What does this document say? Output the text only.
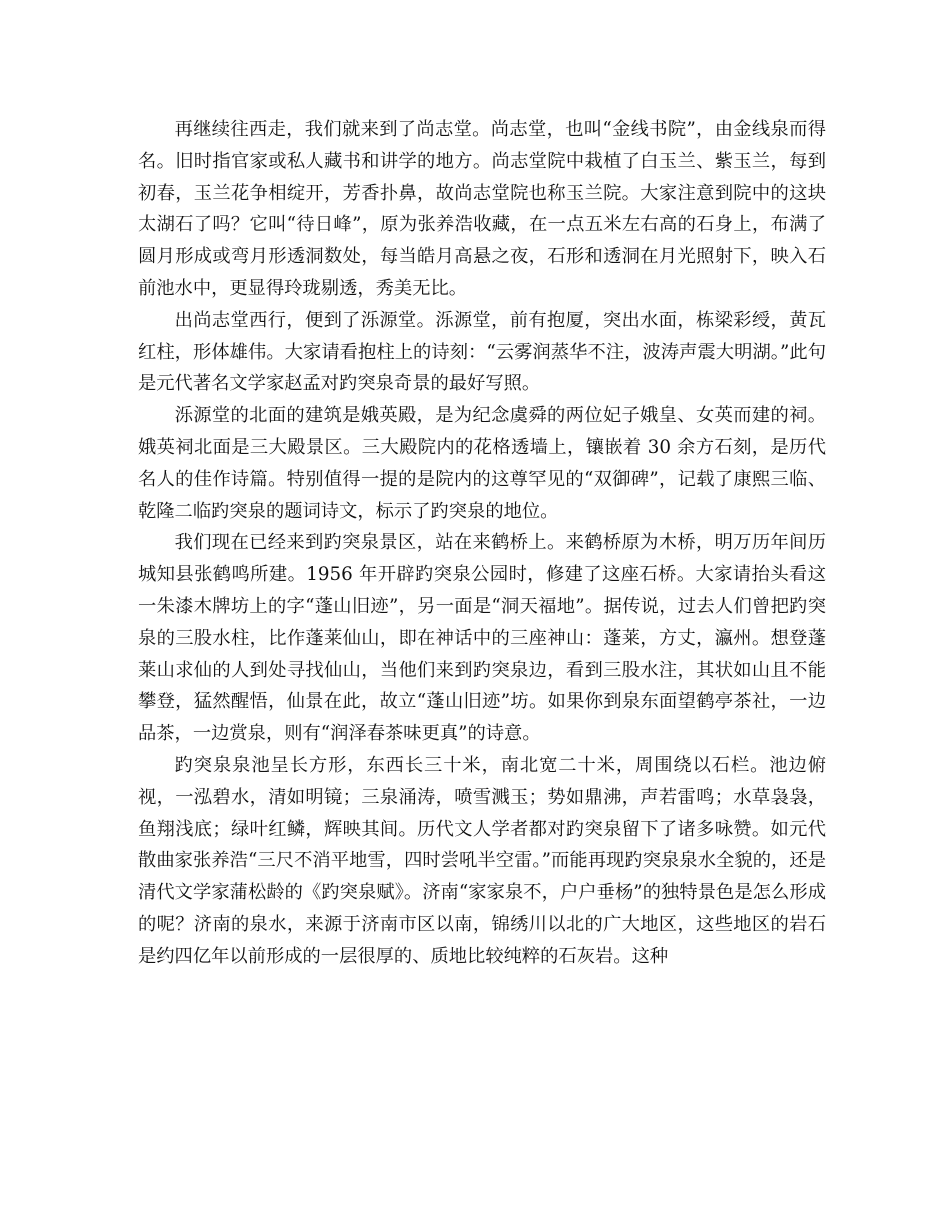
再继续往西走，我们就来到了尚志堂。尚志堂，也叫“金线书院”，由金线泉而得名。旧时指官家或私人藏书和讲学的地方。尚志堂院中栽植了白玉兰、紫玉兰，每到初春，玉兰花争相绽开，芳香扑鼻，故尚志堂院也称玉兰院。大家注意到院中的这块太湖石了吗？它叫“待日峰”，原为张养浩收藏，在一点五米左右高的石身上，布满了圆月形成或弯月形透洞数处，每当皓月高悬之夜，石形和透洞在月光照射下，映入石前池水中，更显得玲珑剔透，秀美无比。

出尚志堂西行，便到了泺源堂。泺源堂，前有抱厦，突出水面，栋梁彩绶，黄瓦红柱，形体雄伟。大家请看抱柱上的诗刻：“云雾润蒸华不注，波涛声震大明湖。”此句是元代著名文学家赵孟对趵突泉奇景的最好写照。

泺源堂的北面的建筑是娥英殿，是为纪念虞舜的两位妃子娥皇、女英而建的祠。娥英祠北面是三大殿景区。三大殿院内的花格透墙上，镶嵌着 30 余方石刻，是历代名人的佳作诗篇。特别值得一提的是院内的这尊罕见的“双御碑”，记载了康熙三临、乾隆二临趵突泉的题词诗文，标示了趵突泉的地位。

我们现在已经来到趵突泉景区，站在来鹤桥上。来鹤桥原为木桥，明万历年间历城知县张鹤鸣所建。1956 年开辟趵突泉公园时，修建了这座石桥。大家请抬头看这一朱漆木牌坊上的字“蓬山旧迹”，另一面是“洞天福地”。据传说，过去人们曾把趵突泉的三股水柱，比作蓬莱仙山，即在神话中的三座神山：蓬莱，方丈，瀛州。想登蓬莱山求仙的人到处寻找仙山，当他们来到趵突泉边，看到三股水注，其状如山且不能攀登，猛然醒悟，仙景在此，故立“蓬山旧迹”坊。如果你到泉东面望鹤亭茶社，一边品茶，一边赏泉，则有“润泽春茶味更真”的诗意。

趵突泉泉池呈长方形，东西长三十米，南北宽二十米，周围绕以石栏。池边俯视，一泓碧水，清如明镜；三泉涌涛，喷雪溅玉；势如鼎沸，声若雷鸣；水草袅袅，鱼翔浅底；绿叶红鳞，辉映其间。历代文人学者都对趵突泉留下了诸多咏赞。如元代散曲家张养浩“三尺不消平地雪，四时尝吼半空雷。”而能再现趵突泉泉水全貌的，还是清代文学家蒲松龄的《趵突泉赋》。济南“家家泉不，户户垂杨”的独特景色是怎么形成的呢？济南的泉水，来源于济南市区以南，锦绣川以北的广大地区，这些地区的岩石是约四亿年以前形成的一层很厚的、质地比较纯粹的石灰岩。这种
